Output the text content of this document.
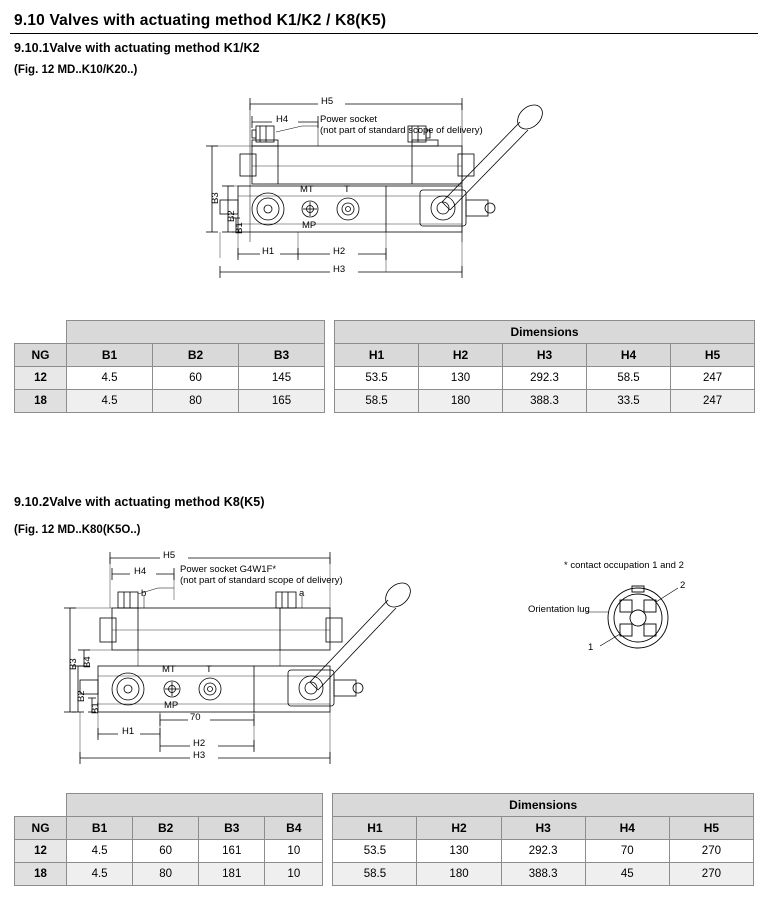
9.10 Valves with actuating method K1/K2 / K8(K5)
9.10.1Valve with actuating method K1/K2
(Fig. 12 MD..K10/K20..)
H5
H4	Power socket
(not part of standard scope of delivery)
H1	H2
H3
B1
B2
B3
MT	T
MP
					Dimensions				
NG	B1	B2	B3		H1	H2	H3	H4	H5
12	4.5	60	145		53.5	130	292.3	58.5	247
18	4.5	80	165		58.5	180	388.3	33.5	247
9.10.2Valve with actuating method K8(K5)
(Fig. 12 MD..K80(K5O..)
H5
H4	Power socket G4W1F*
(not part of standard scope of delivery)
b	a
H1
H2
H3
70
B1
B2
B3 B4
MT	T
MP
* contact occupation 1 and 2
Orientation lug
2
1
						Dimensions				
NG	B1	B2	B3	B4		H1	H2	H3	H4	H5
12	4.5	60	161	10		53.5	130	292.3	70	270
18	4.5	80	181	10		58.5	180	388.3	45	270
